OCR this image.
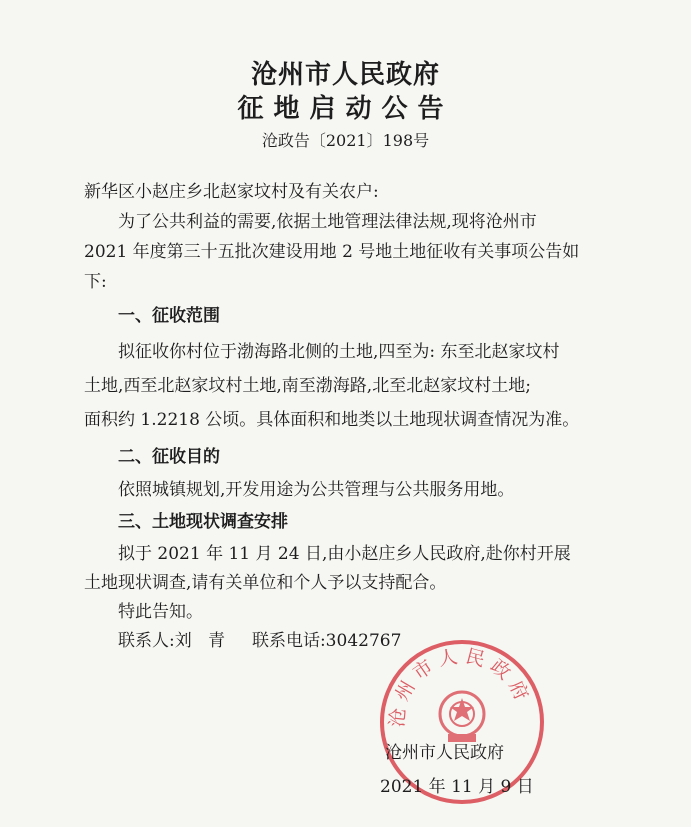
沧州市人民政府
征地启动公告

沧政告〔2021〕198号

新华区小赵庄乡北赵家坟村及有关农户:

为了公共利益的需要,依据土地管理法律法规,现将沧州市

2021 年度第三十五批次建设用地 2 号地土地征收有关事项公告如

下:

一、征收范围

拟征收你村位于渤海路北侧的土地,四至为: 东至北赵家坟村

土地,西至北赵家坟村土地,南至渤海路,北至北赵家坟村土地;

面积约 1.2218 公顷。具体面积和地类以土地现状调查情况为准。

二、征收目的

依照城镇规划,开发用途为公共管理与公共服务用地。

三、土地现状调查安排

拟于 2021 年 11 月 24 日,由小赵庄乡人民政府,赴你村开展

土地现状调查,请有关单位和个人予以支持配合。

特此告知。

联系人:刘   青     联系电话:3042767

沧州市人民政府

沧州市人民政府

2021 年 11 月 9 日
